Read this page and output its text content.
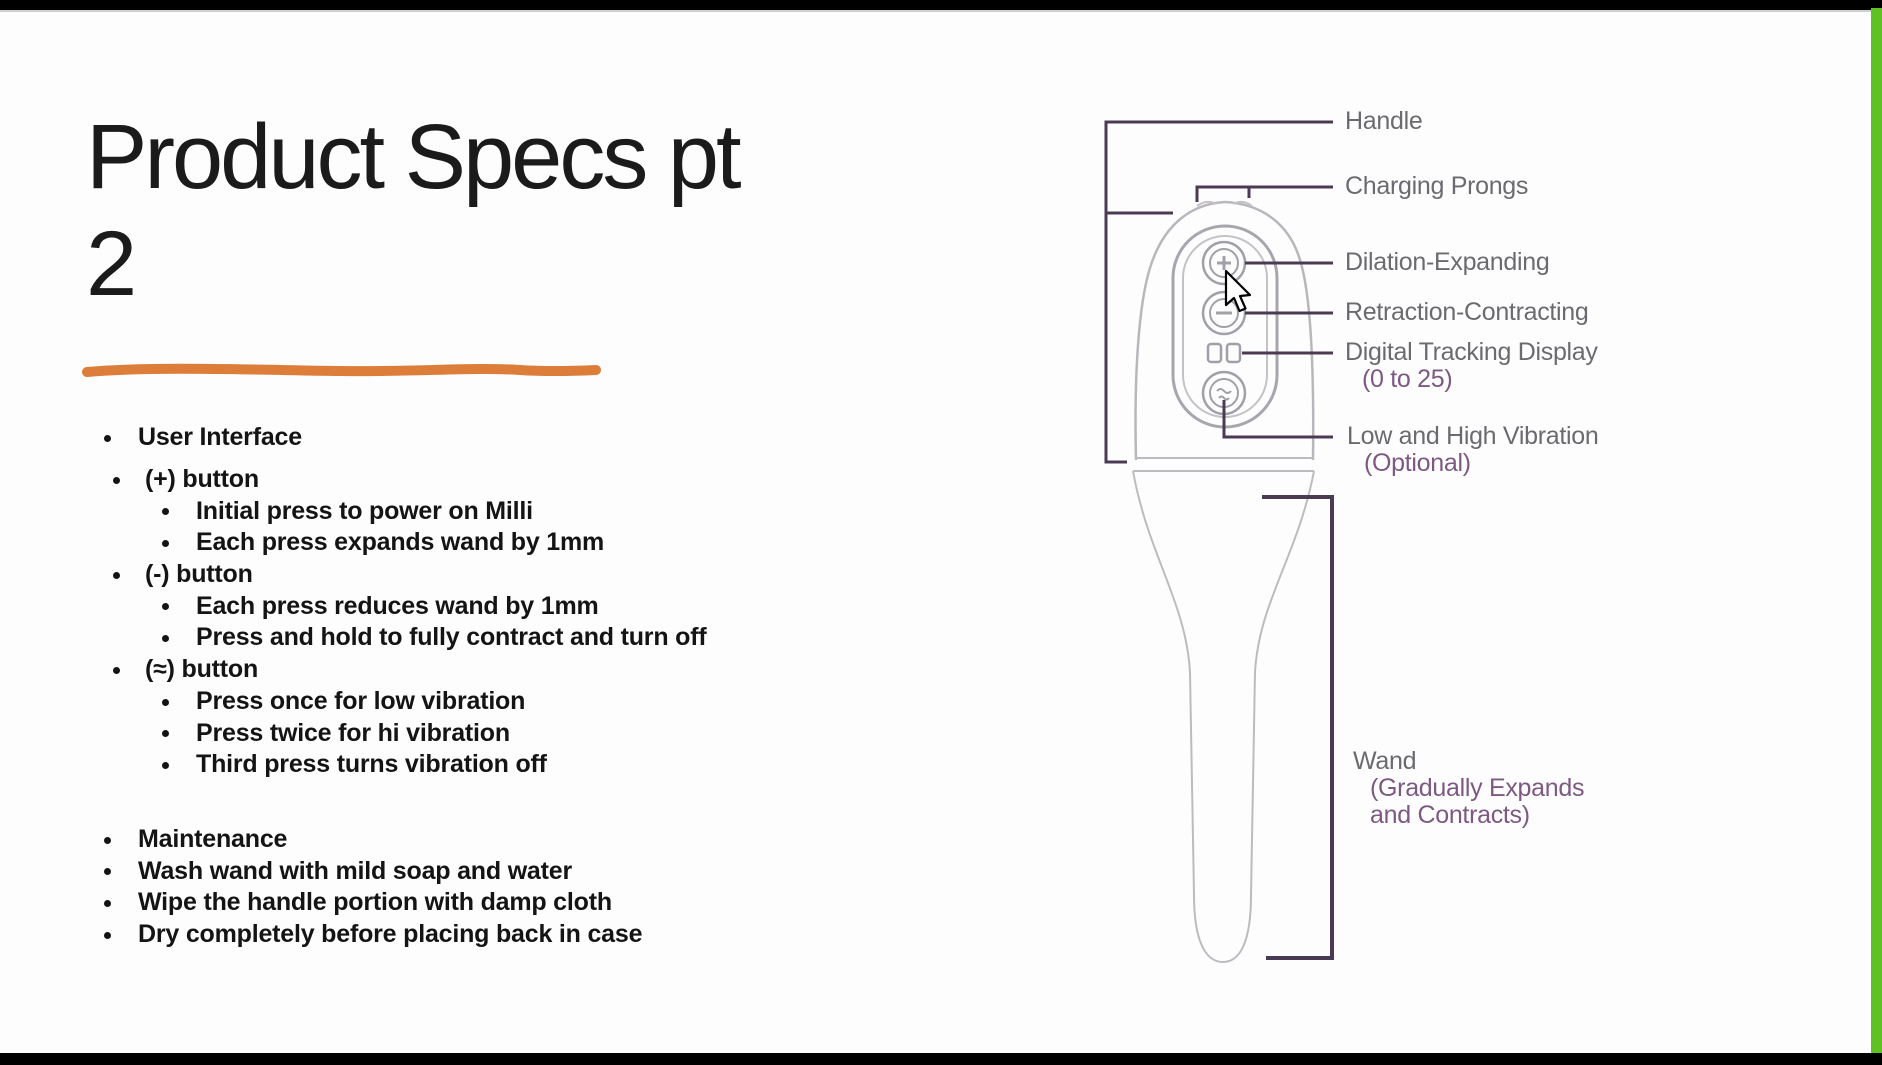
Product Specs pt
2
User Interface
(+) button
Initial press to power on Milli
Each press expands wand by 1mm
(-) button
Each press reduces wand by 1mm
Press and hold to fully contract and turn off
(≈) button
Press once for low vibration
Press twice for hi vibration
Third press turns vibration off
Maintenance
Wash wand with mild soap and water
Wipe the handle portion with damp cloth
Dry completely before placing back in case
Handle
Charging Prongs
Dilation-Expanding
Retraction-Contracting
Digital Tracking Display
(0 to 25)
Low and High Vibration
(Optional)
Wand
(Gradually Expands
and Contracts)
